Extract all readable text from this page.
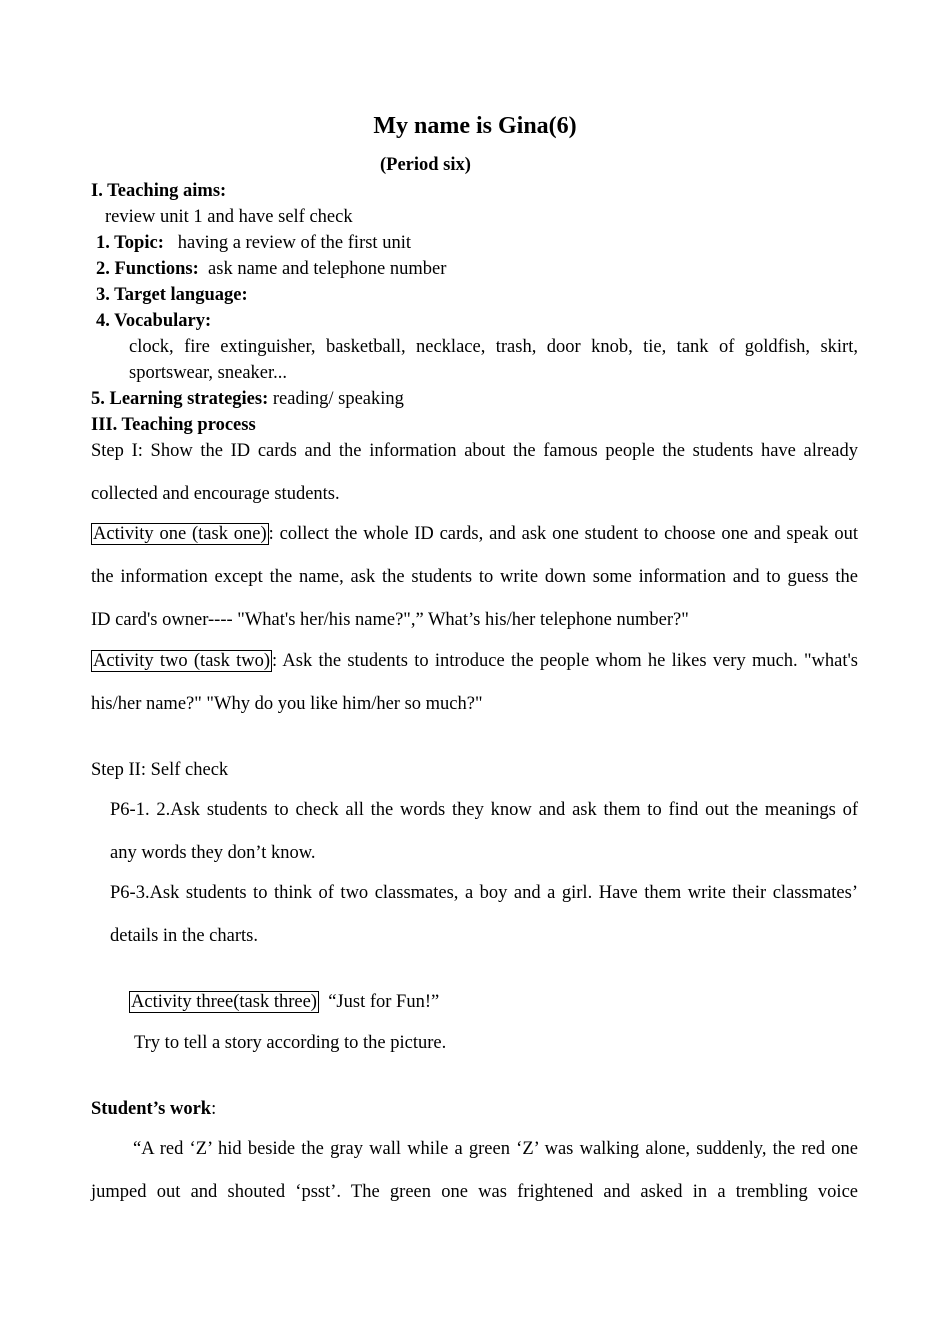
My name is Gina(6)
(Period six)
I. Teaching aims:
review unit 1 and have self check
1. Topic: having a review of the first unit
2. Functions: ask name and telephone number
3. Target language:
4. Vocabulary:
clock, fire extinguisher, basketball, necklace, trash, door knob, tie, tank of goldfish, skirt,
sportswear, sneaker...
5. Learning strategies: reading/ speaking
III. Teaching process
Step I: Show the ID cards and the information about the famous people the students have already
collected and encourage students.
Activity one (task one) : collect the whole ID cards, and ask one student to choose one and speak out
the information except the name, ask the students to write down some information and to guess the
ID card's owner---- "What's her/his name?",” What’s his/her telephone number?"
Activity two (task two) : Ask the students to introduce the people whom he likes very much. "what's
his/her name?" "Why do you like him/her so much?"
Step II: Self check
P6-1. 2.Ask students to check all the words they know and ask them to find out the meanings of
any words they don’t know.
P6-3.Ask students to think of two classmates, a boy and a girl. Have them write their classmates’
details in the charts.
Activity three(task three) “Just for Fun!”
Try to tell a story according to the picture.
Student’s work:
“A red ‘Z’ hid beside the gray wall while a green ‘Z’ was walking alone, suddenly, the red one
jumped out and shouted ‘psst’. The green one was frightened and asked in a trembling voice
